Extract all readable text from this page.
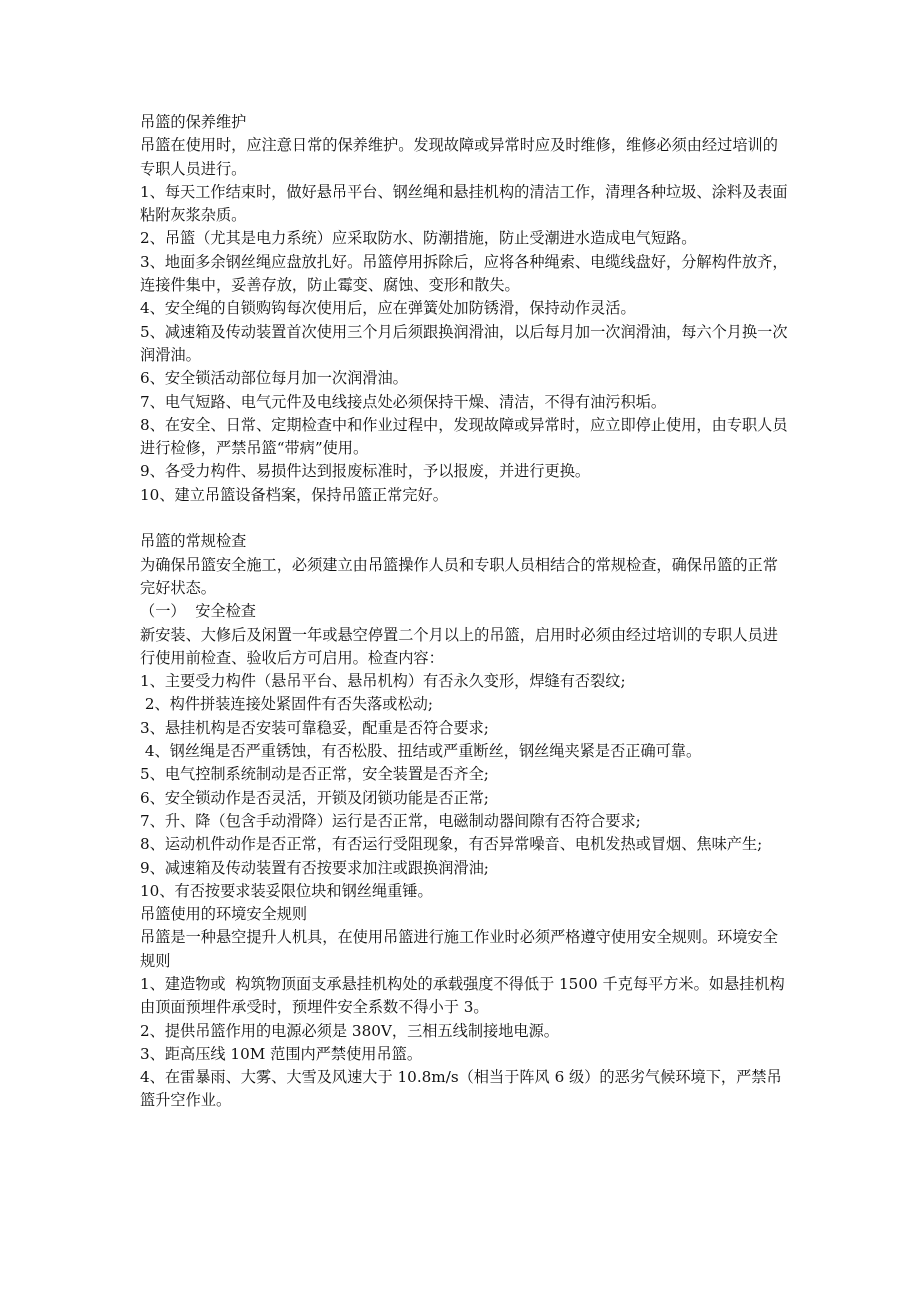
吊篮的保养维护

吊篮在使用时，应注意日常的保养维护。发现故障或异常时应及时维修，维修必须由经过培训的专职人员进行。

1、每天工作结束时，做好悬吊平台、钢丝绳和悬挂机构的清洁工作，清理各种垃圾、涂料及表面粘附灰浆杂质。

2、吊篮（尤其是电力系统）应采取防水、防潮措施，防止受潮进水造成电气短路。

3、地面多余钢丝绳应盘放扎好。吊篮停用拆除后，应将各种绳索、电缆线盘好，分解构件放齐，连接件集中，妥善存放，防止霉变、腐蚀、变形和散失。

4、安全绳的自锁购钩每次使用后，应在弹簧处加防锈滑，保持动作灵活。

5、减速箱及传动装置首次使用三个月后须跟换润滑油，以后每月加一次润滑油，每六个月换一次润滑油。

6、安全锁活动部位每月加一次润滑油。

7、电气短路、电气元件及电线接点处必须保持干燥、清洁，不得有油污积垢。

8、在安全、日常、定期检查中和作业过程中，发现故障或异常时，应立即停止使用，由专职人员进行检修，严禁吊篮“带病”使用。

9、各受力构件、易损件达到报废标准时，予以报废，并进行更换。

10、建立吊篮设备档案，保持吊篮正常完好。

吊篮的常规检查

为确保吊篮安全施工，必须建立由吊篮操作人员和专职人员相结合的常规检查，确保吊篮的正常完好状态。

（一）  安全检查

新安装、大修后及闲置一年或悬空停置二个月以上的吊篮，启用时必须由经过培训的专职人员进行使用前检查、验收后方可启用。检查内容：

1、主要受力构件（悬吊平台、悬吊机构）有否永久变形，焊缝有否裂纹;

2、构件拼装连接处紧固件有否失落或松动;

3、悬挂机构是否安装可靠稳妥，配重是否符合要求;

4、钢丝绳是否严重锈蚀，有否松股、扭结或严重断丝，钢丝绳夹紧是否正确可靠。

5、电气控制系统制动是否正常，安全装置是否齐全;

6、安全锁动作是否灵活，开锁及闭锁功能是否正常;

7、升、降（包含手动滑降）运行是否正常，电磁制动器间隙有否符合要求;

8、运动机件动作是否正常，有否运行受阻现象，有否异常噪音、电机发热或冒烟、焦味产生;

9、减速箱及传动装置有否按要求加注或跟换润滑油;

10、有否按要求装妥限位块和钢丝绳重锤。

吊篮使用的环境安全规则

吊篮是一种悬空提升人机具，在使用吊篮进行施工作业时必须严格遵守使用安全规则。环境安全规则

1、建造物或  构筑物顶面支承悬挂机构处的承载强度不得低于 1500 千克每平方米。如悬挂机构由顶面预埋件承受时，预埋件安全系数不得小于 3。

2、提供吊篮作用的电源必须是 380V，三相五线制接地电源。

3、距高压线 10M 范围内严禁使用吊篮。

4、在雷暴雨、大雾、大雪及风速大于 10.8m/s（相当于阵风 6 级）的恶劣气候环境下，严禁吊篮升空作业。
